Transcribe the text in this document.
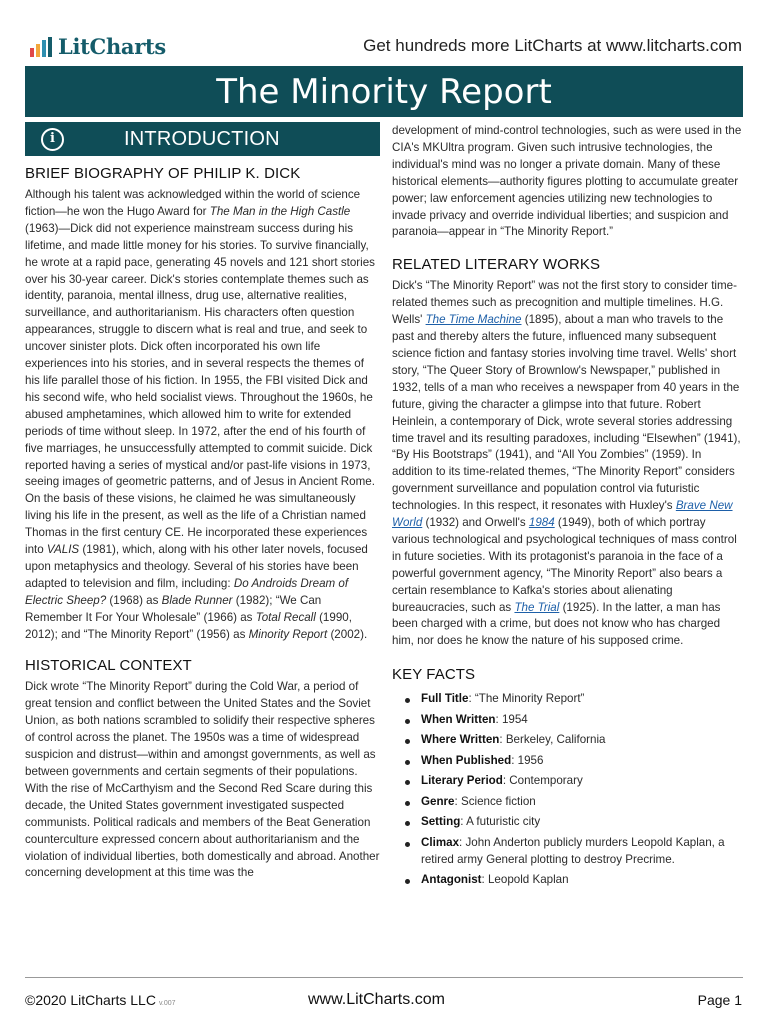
LitCharts	Get hundreds more LitCharts at www.litcharts.com
The Minority Report
i	INTRODUCTION
BRIEF BIOGRAPHY OF PHILIP K. DICK

Although his talent was acknowledged within the world of science fiction—he won the Hugo Award for The Man in the High Castle (1963)—Dick did not experience mainstream success during his lifetime, and made little money for his stories. To survive financially, he wrote at a rapid pace, generating 45 novels and 121 short stories over his 30-year career. Dick's stories contemplate themes such as identity, paranoia, mental illness, drug use, alternative realities, surveillance, and authoritarianism. His characters often question appearances, struggle to discern what is real and true, and seek to uncover sinister plots. Dick often incorporated his own life experiences into his stories, and in several respects the themes of his life parallel those of his fiction. In 1955, the FBI visited Dick and his second wife, who held socialist views. Throughout the 1960s, he abused amphetamines, which allowed him to write for extended periods of time without sleep. In 1972, after the end of his fourth of five marriages, he unsuccessfully attempted to commit suicide. Dick reported having a series of mystical and/or past-life visions in 1973, seeing images of geometric patterns, and of Jesus in Ancient Rome. On the basis of these visions, he claimed he was simultaneously living his life in the present, as well as the life of a Christian named Thomas in the first century CE. He incorporated these experiences into VALIS (1981), which, along with his other later novels, focused upon metaphysics and theology. Several of his stories have been adapted to television and film, including: Do Androids Dream of Electric Sheep? (1968) as Blade Runner (1982); “We Can Remember It For Your Wholesale” (1966) as Total Recall (1990, 2012); and “The Minority Report” (1956) as Minority Report (2002).

HISTORICAL CONTEXT

Dick wrote “The Minority Report” during the Cold War, a period of great tension and conflict between the United States and the Soviet Union, as both nations scrambled to solidify their respective spheres of control across the planet. The 1950s was a time of widespread suspicion and distrust—within and amongst governments, as well as between governments and certain segments of their populations. With the rise of McCarthyism and the Second Red Scare during this decade, the United States government investigated suspected communists. Political radicals and members of the Beat Generation counterculture expressed concern about authoritarianism and the violation of individual liberties, both domestically and abroad. Another concerning development at this time was the

development of mind-control technologies, such as were used in the CIA's MKUltra program. Given such intrusive technologies, the individual's mind was no longer a private domain. Many of these historical elements—authority figures plotting to accumulate greater power; law enforcement agencies utilizing new technologies to invade privacy and override individual liberties; and suspicion and paranoia—appear in “The Minority Report.”

RELATED LITERARY WORKS

Dick's “The Minority Report” was not the first story to consider time-related themes such as precognition and multiple timelines. H.G. Wells' The Time Machine (1895), about a man who travels to the past and thereby alters the future, influenced many subsequent science fiction and fantasy stories involving time travel. Wells' short story, “The Queer Story of Brownlow's Newspaper,” published in 1932, tells of a man who receives a newspaper from 40 years in the future, giving the character a glimpse into that future. Robert Heinlein, a contemporary of Dick, wrote several stories addressing time travel and its resulting paradoxes, including “Elsewhen” (1941), “By His Bootstraps” (1941), and “All You Zombies” (1959). In addition to its time-related themes, “The Minority Report” considers government surveillance and population control via futuristic technologies. In this respect, it resonates with Huxley's Brave New World (1932) and Orwell's 1984 (1949), both of which portray various technological and psychological techniques of mass control in future societies. With its protagonist's paranoia in the face of a powerful government agency, “The Minority Report” also bears a certain resemblance to Kafka's stories about alienating bureaucracies, such as The Trial (1925). In the latter, a man has been charged with a crime, but does not know who has charged him, nor does he know the nature of his supposed crime.

KEY FACTS
Full Title: “The Minority Report”
When Written: 1954
Where Written: Berkeley, California
When Published: 1956
Literary Period: Contemporary
Genre: Science fiction
Setting: A futuristic city
Climax: John Anderton publicly murders Leopold Kaplan, a retired army General plotting to destroy Precrime.
Antagonist: Leopold Kaplan
©2020 LitCharts LLC v.007	www.LitCharts.com	Page 1
